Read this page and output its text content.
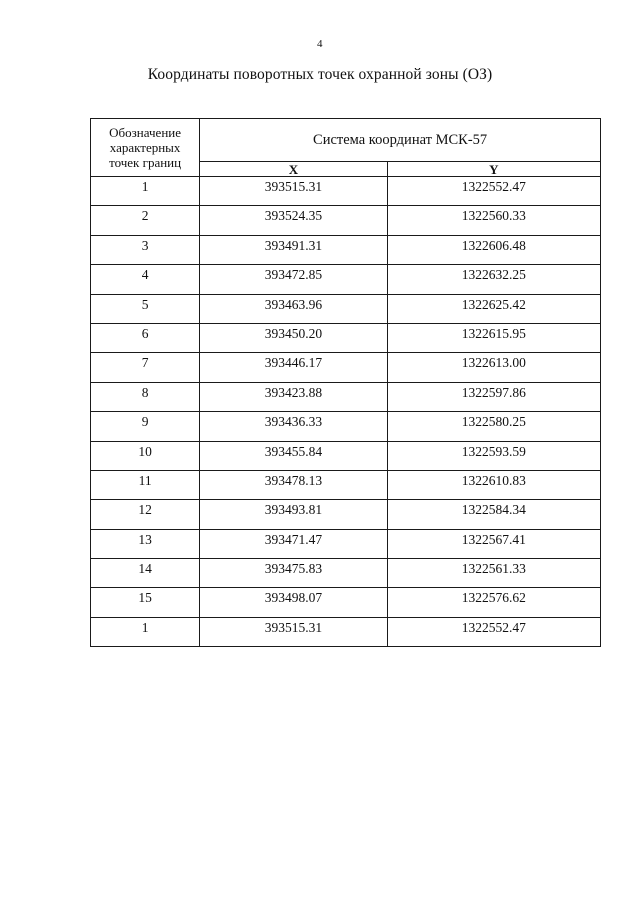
4
Координаты поворотных точек охранной зоны (ОЗ)
Обозначение
характерных
точек границ	Система координат МСК-57	
	X	Y
1	393515.31	1322552.47
2	393524.35	1322560.33
3	393491.31	1322606.48
4	393472.85	1322632.25
5	393463.96	1322625.42
6	393450.20	1322615.95
7	393446.17	1322613.00
8	393423.88	1322597.86
9	393436.33	1322580.25
10	393455.84	1322593.59
11	393478.13	1322610.83
12	393493.81	1322584.34
13	393471.47	1322567.41
14	393475.83	1322561.33
15	393498.07	1322576.62
1	393515.31	1322552.47
